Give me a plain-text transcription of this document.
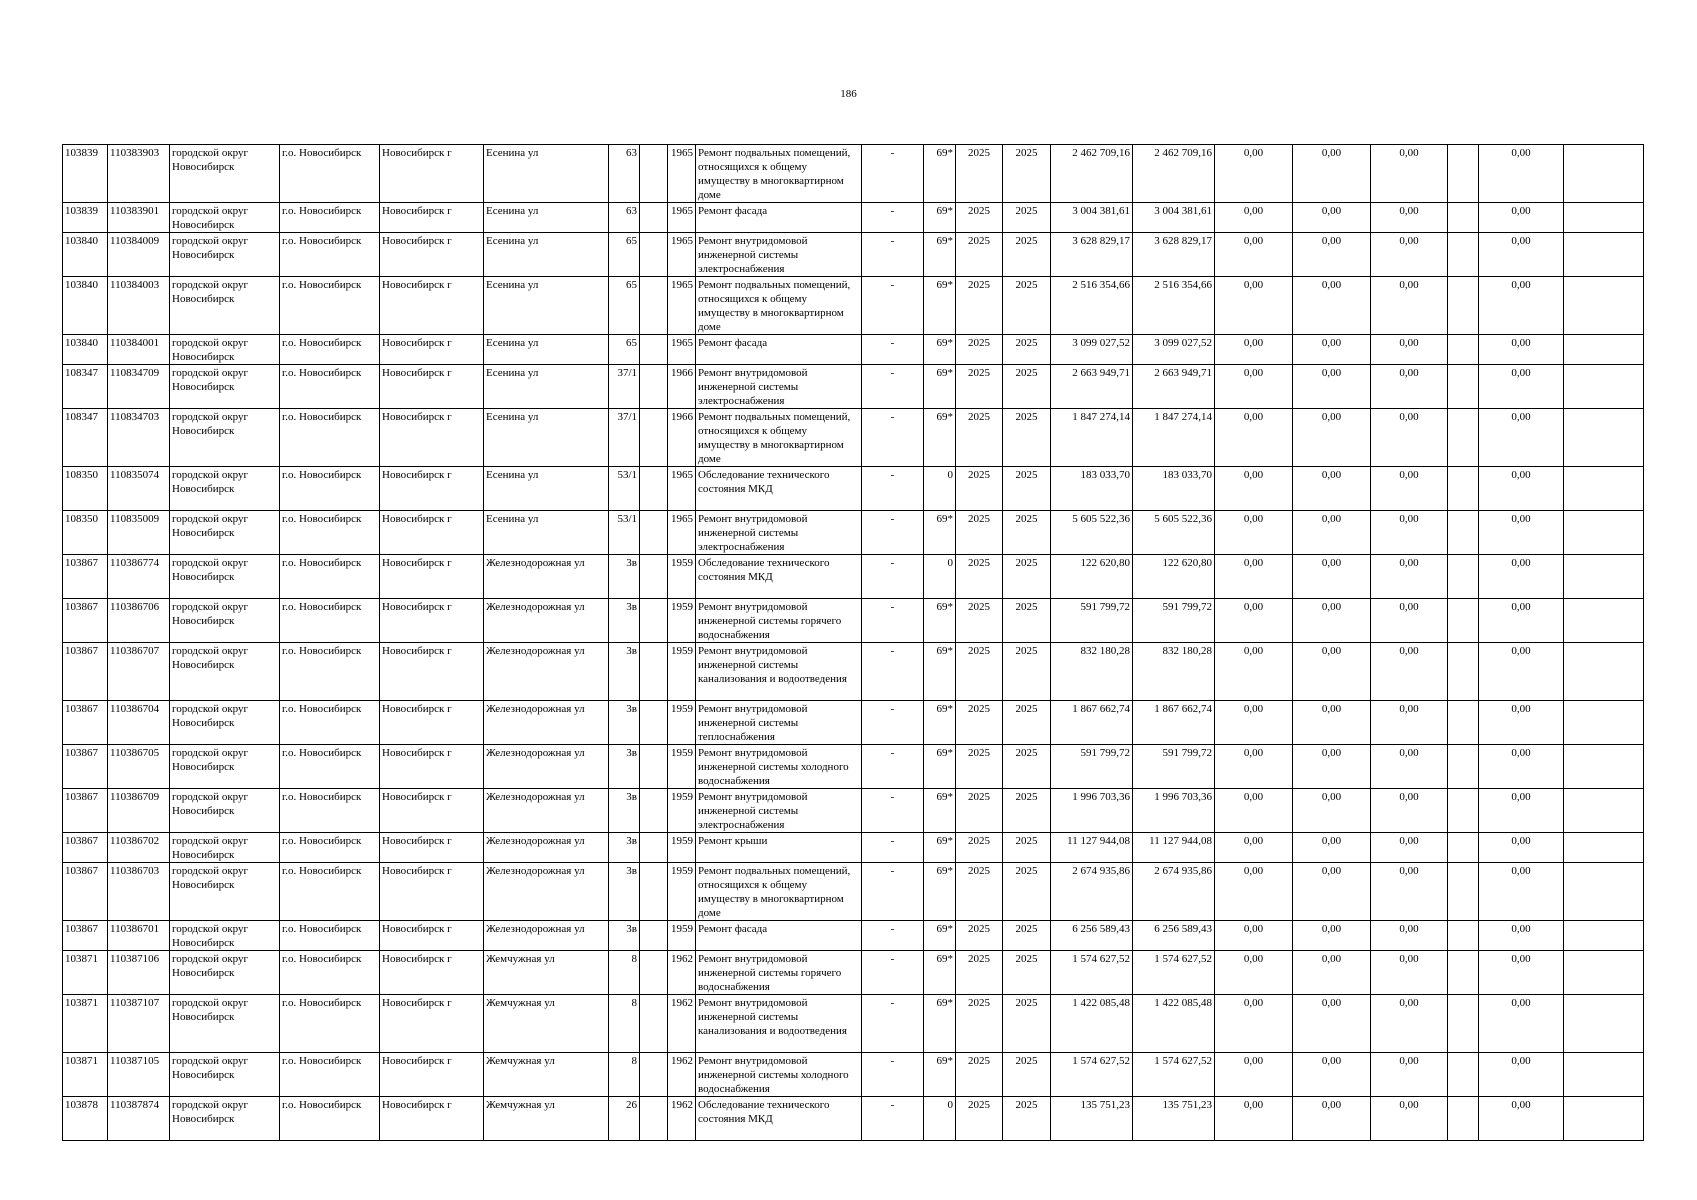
186
103839	110383903	городской округ Новосибирск	г.о. Новосибирск	Новосибирск г	Есенина ул	63		1965	Ремонт подвальных помещений, относящихся к общему имуществу в многоквартирном доме	-	69*	2025	2025	2 462 709,16	2 462 709,16	0,00	0,00	0,00		0,00	
103839	110383901	городской округ Новосибирск	г.о. Новосибирск	Новосибирск г	Есенина ул	63		1965	Ремонт фасада	-	69*	2025	2025	3 004 381,61	3 004 381,61	0,00	0,00	0,00		0,00	
103840	110384009	городской округ Новосибирск	г.о. Новосибирск	Новосибирск г	Есенина ул	65		1965	Ремонт внутридомовой инженерной системы электроснабжения	-	69*	2025	2025	3 628 829,17	3 628 829,17	0,00	0,00	0,00		0,00	
103840	110384003	городской округ Новосибирск	г.о. Новосибирск	Новосибирск г	Есенина ул	65		1965	Ремонт подвальных помещений, относящихся к общему имуществу в многоквартирном доме	-	69*	2025	2025	2 516 354,66	2 516 354,66	0,00	0,00	0,00		0,00	
103840	110384001	городской округ Новосибирск	г.о. Новосибирск	Новосибирск г	Есенина ул	65		1965	Ремонт фасада	-	69*	2025	2025	3 099 027,52	3 099 027,52	0,00	0,00	0,00		0,00	
108347	110834709	городской округ Новосибирск	г.о. Новосибирск	Новосибирск г	Есенина ул	37/1		1966	Ремонт внутридомовой инженерной системы электроснабжения	-	69*	2025	2025	2 663 949,71	2 663 949,71	0,00	0,00	0,00		0,00	
108347	110834703	городской округ Новосибирск	г.о. Новосибирск	Новосибирск г	Есенина ул	37/1		1966	Ремонт подвальных помещений, относящихся к общему имуществу в многоквартирном доме	-	69*	2025	2025	1 847 274,14	1 847 274,14	0,00	0,00	0,00		0,00	
108350	110835074	городской округ Новосибирск	г.о. Новосибирск	Новосибирск г	Есенина ул	53/1		1965	Обследование технического состояния МКД	-	0	2025	2025	183 033,70	183 033,70	0,00	0,00	0,00		0,00	
108350	110835009	городской округ Новосибирск	г.о. Новосибирск	Новосибирск г	Есенина ул	53/1		1965	Ремонт внутридомовой инженерной системы электроснабжения	-	69*	2025	2025	5 605 522,36	5 605 522,36	0,00	0,00	0,00		0,00	
103867	110386774	городской округ Новосибирск	г.о. Новосибирск	Новосибирск г	Железнодорожная ул	3в		1959	Обследование технического состояния МКД	-	0	2025	2025	122 620,80	122 620,80	0,00	0,00	0,00		0,00	
103867	110386706	городской округ Новосибирск	г.о. Новосибирск	Новосибирск г	Железнодорожная ул	3в		1959	Ремонт внутридомовой инженерной системы горячего водоснабжения	-	69*	2025	2025	591 799,72	591 799,72	0,00	0,00	0,00		0,00	
103867	110386707	городской округ Новосибирск	г.о. Новосибирск	Новосибирск г	Железнодорожная ул	3в		1959	Ремонт внутридомовой инженерной системы канализования и водоотведения	-	69*	2025	2025	832 180,28	832 180,28	0,00	0,00	0,00		0,00	
103867	110386704	городской округ Новосибирск	г.о. Новосибирск	Новосибирск г	Железнодорожная ул	3в		1959	Ремонт внутридомовой инженерной системы теплоснабжения	-	69*	2025	2025	1 867 662,74	1 867 662,74	0,00	0,00	0,00		0,00	
103867	110386705	городской округ Новосибирск	г.о. Новосибирск	Новосибирск г	Железнодорожная ул	3в		1959	Ремонт внутридомовой инженерной системы холодного водоснабжения	-	69*	2025	2025	591 799,72	591 799,72	0,00	0,00	0,00		0,00	
103867	110386709	городской округ Новосибирск	г.о. Новосибирск	Новосибирск г	Железнодорожная ул	3в		1959	Ремонт внутридомовой инженерной системы электроснабжения	-	69*	2025	2025	1 996 703,36	1 996 703,36	0,00	0,00	0,00		0,00	
103867	110386702	городской округ Новосибирск	г.о. Новосибирск	Новосибирск г	Железнодорожная ул	3в		1959	Ремонт крыши	-	69*	2025	2025	11 127 944,08	11 127 944,08	0,00	0,00	0,00		0,00	
103867	110386703	городской округ Новосибирск	г.о. Новосибирск	Новосибирск г	Железнодорожная ул	3в		1959	Ремонт подвальных помещений, относящихся к общему имуществу в многоквартирном доме	-	69*	2025	2025	2 674 935,86	2 674 935,86	0,00	0,00	0,00		0,00	
103867	110386701	городской округ Новосибирск	г.о. Новосибирск	Новосибирск г	Железнодорожная ул	3в		1959	Ремонт фасада	-	69*	2025	2025	6 256 589,43	6 256 589,43	0,00	0,00	0,00		0,00	
103871	110387106	городской округ Новосибирск	г.о. Новосибирск	Новосибирск г	Жемчужная ул	8		1962	Ремонт внутридомовой инженерной системы горячего водоснабжения	-	69*	2025	2025	1 574 627,52	1 574 627,52	0,00	0,00	0,00		0,00	
103871	110387107	городской округ Новосибирск	г.о. Новосибирск	Новосибирск г	Жемчужная ул	8		1962	Ремонт внутридомовой инженерной системы канализования и водоотведения	-	69*	2025	2025	1 422 085,48	1 422 085,48	0,00	0,00	0,00		0,00	
103871	110387105	городской округ Новосибирск	г.о. Новосибирск	Новосибирск г	Жемчужная ул	8		1962	Ремонт внутридомовой инженерной системы холодного водоснабжения	-	69*	2025	2025	1 574 627,52	1 574 627,52	0,00	0,00	0,00		0,00	
103878	110387874	городской округ Новосибирск	г.о. Новосибирск	Новосибирск г	Жемчужная ул	26		1962	Обследование технического состояния МКД	-	0	2025	2025	135 751,23	135 751,23	0,00	0,00	0,00		0,00	
